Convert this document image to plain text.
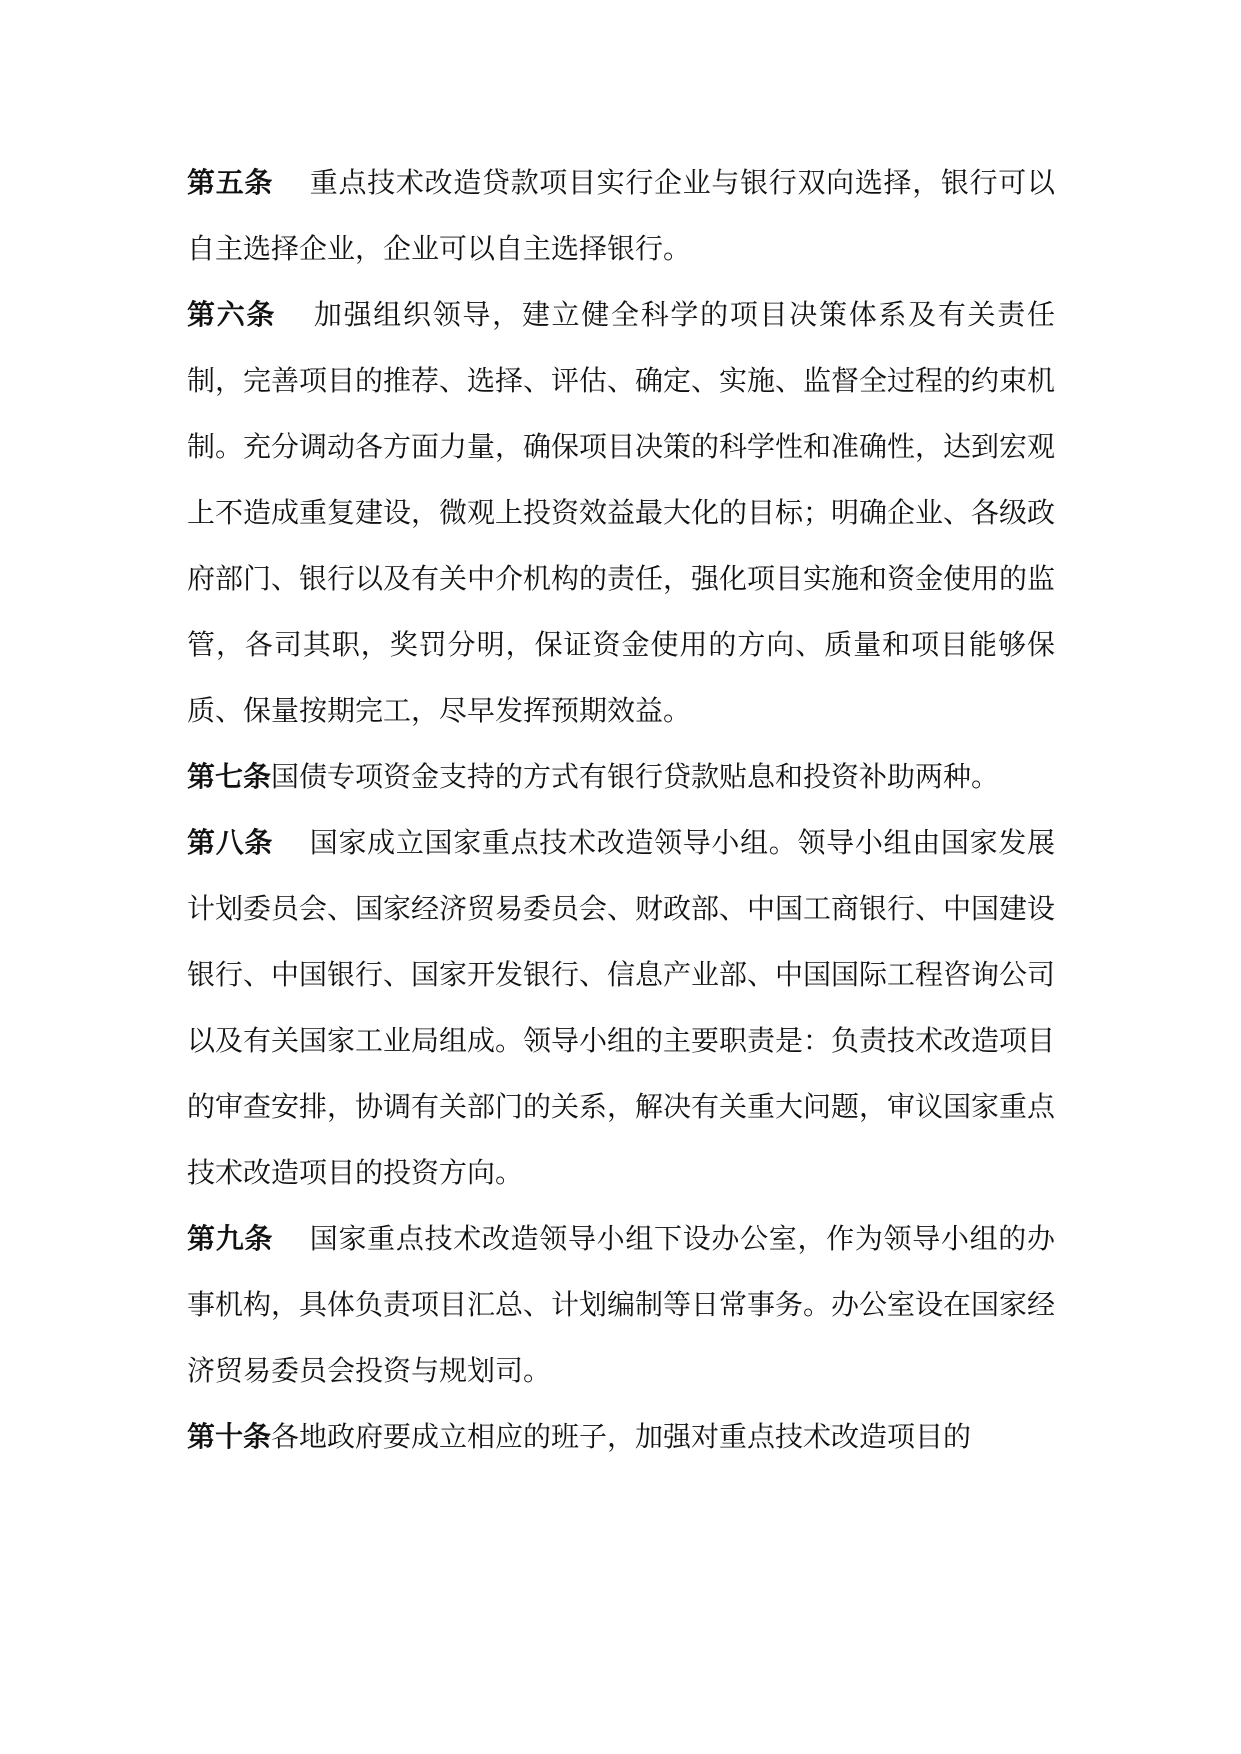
第五条 重点技术改造贷款项目实行企业与银行双向选择，银行可以自主选择企业，企业可以自主选择银行。

第六条 加强组织领导，建立健全科学的项目决策体系及有关责任制，完善项目的推荐、选择、评估、确定、实施、监督全过程的约束机制。充分调动各方面力量，确保项目决策的科学性和准确性，达到宏观上不造成重复建设，微观上投资效益最大化的目标；明确企业、各级政府部门、银行以及有关中介机构的责任，强化项目实施和资金使用的监管，各司其职，奖罚分明，保证资金使用的方向、质量和项目能够保质、保量按期完工，尽早发挥预期效益。

第七条国债专项资金支持的方式有银行贷款贴息和投资补助两种。

第八条 国家成立国家重点技术改造领导小组。领导小组由国家发展计划委员会、国家经济贸易委员会、财政部、中国工商银行、中国建设银行、中国银行、国家开发银行、信息产业部、中国国际工程咨询公司以及有关国家工业局组成。领导小组的主要职责是：负责技术改造项目的审查安排，协调有关部门的关系，解决有关重大问题，审议国家重点技术改造项目的投资方向。

第九条 国家重点技术改造领导小组下设办公室，作为领导小组的办事机构，具体负责项目汇总、计划编制等日常事务。办公室设在国家经济贸易委员会投资与规划司。

第十条各地政府要成立相应的班子，加强对重点技术改造项目的
